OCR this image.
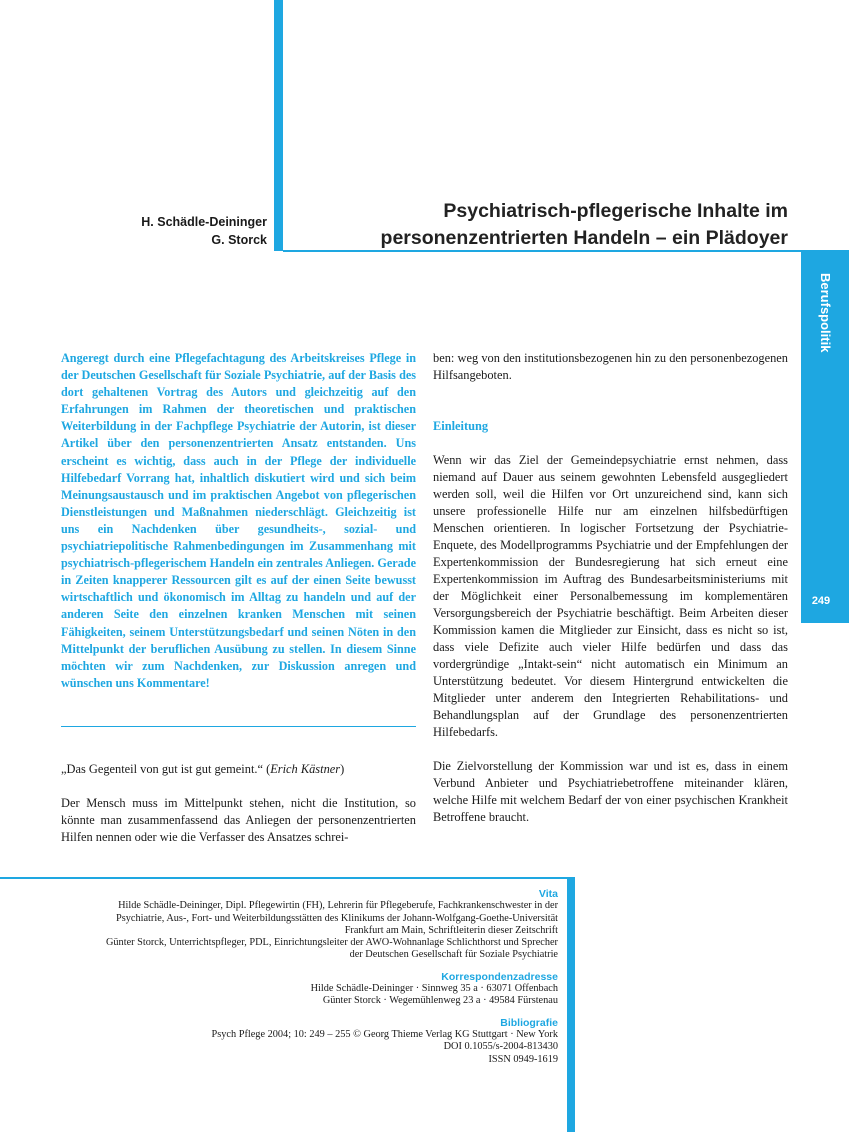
H. Schädle-Deininger
G. Storck
Psychiatrisch-pflegerische Inhalte im
personenzentrierten Handeln – ein Plädoyer
Berufspolitik
249

Angeregt durch eine Pflegefachtagung des Arbeitskreises Pflege in der Deutschen Gesellschaft für Soziale Psychiatrie, auf der Basis des dort gehaltenen Vortrag des Autors und gleichzeitig auf den Erfahrungen im Rahmen der theoretischen und praktischen Weiterbildung in der Fachpflege Psychiatrie der Autorin, ist dieser Artikel über den personenzentrierten Ansatz entstanden. Uns erscheint es wichtig, dass auch in der Pflege der individuelle Hilfebedarf Vorrang hat, inhaltlich diskutiert wird und sich beim Meinungsaustausch und im praktischen Angebot von pflegerischen Dienstleistungen und Maßnahmen niederschlägt. Gleichzeitig ist uns ein Nachdenken über gesundheits-, sozial- und psychiatriepolitische Rahmenbedingungen im Zusammenhang mit psychiatrisch-pflegerischem Handeln ein zentrales Anliegen. Gerade in Zeiten knapperer Ressourcen gilt es auf der einen Seite bewusst wirtschaftlich und ökonomisch im Alltag zu handeln und auf der anderen Seite den einzelnen kranken Menschen mit seinen Fähigkeiten, seinem Unterstützungsbedarf und seinen Nöten in den Mittelpunkt der beruflichen Ausübung zu stellen. In diesem Sinne möchten wir zum Nachdenken, zur Diskussion anregen und wünschen uns Kommentare!

„Das Gegenteil von gut ist gut gemeint.“ (Erich Kästner)

Der Mensch muss im Mittelpunkt stehen, nicht die Institution, so könnte man zusammenfassend das Anliegen der personenzentrierten Hilfen nennen oder wie die Verfasser des Ansatzes schrei-

ben: weg von den institutionsbezogenen hin zu den personenbezogenen Hilfsangeboten.

Einleitung

Wenn wir das Ziel der Gemeindepsychiatrie ernst nehmen, dass niemand auf Dauer aus seinem gewohnten Lebensfeld ausgegliedert werden soll, weil die Hilfen vor Ort unzureichend sind, kann sich unsere professionelle Hilfe nur am einzelnen hilfsbedürftigen Menschen orientieren. In logischer Fortsetzung der Psychiatrie-Enquete, des Modellprogramms Psychiatrie und der Empfehlungen der Expertenkommission der Bundesregierung hat sich erneut eine Expertenkommission im Auftrag des Bundesarbeitsministeriums mit der Möglichkeit einer Personalbemessung im komplementären Versorgungsbereich der Psychiatrie beschäftigt. Beim Arbeiten dieser Kommission kamen die Mitglieder zur Einsicht, dass es nicht so ist, dass viele Defizite auch vieler Hilfe bedürfen und dass das vordergründige „Intakt-sein“ nicht automatisch ein Minimum an Unterstützung bedeutet. Vor diesem Hintergrund entwickelten die Mitglieder unter anderem den Integrierten Rehabilitations- und Behandlungsplan auf der Grundlage des personenzentrierten Hilfebedarfs.

Die Zielvorstellung der Kommission war und ist es, dass in einem Verbund Anbieter und Psychiatriebetroffene miteinander klären, welche Hilfe mit welchem Bedarf der von einer psychischen Krankheit Betroffene braucht.

Vita

Hilde Schädle-Deininger, Dipl. Pflegewirtin (FH), Lehrerin für Pflegeberufe, Fachkrankenschwester in der

Psychiatrie, Aus-, Fort- und Weiterbildungsstätten des Klinikums der Johann-Wolfgang-Goethe-Universität

Frankfurt am Main, Schriftleiterin dieser Zeitschrift

Günter Storck, Unterrichtspfleger, PDL, Einrichtungsleiter der AWO-Wohnanlage Schlichthorst und Sprecher

der Deutschen Gesellschaft für Soziale Psychiatrie

Korrespondenzadresse

Hilde Schädle-Deininger · Sinnweg 35 a · 63071 Offenbach

Günter Storck · Wegemühlenweg 23 a · 49584 Fürstenau

Bibliografie

Psych Pflege 2004; 10: 249 – 255 © Georg Thieme Verlag KG Stuttgart · New York

DOI 0.1055/s-2004-813430

ISSN 0949-1619
